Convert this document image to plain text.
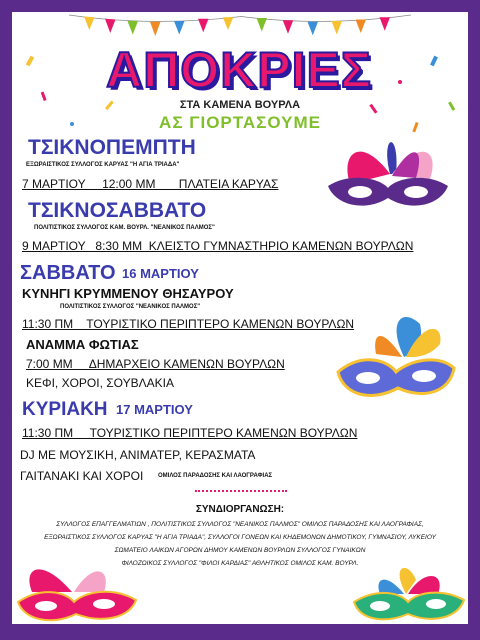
ΑΠΟΚΡΙΕΣ
ΣΤΑ ΚΑΜΕΝΑ ΒΟΥΡΛΑ
ΑΣ ΓΙΟΡΤΑΣΟΥΜΕ
ΤΣΙΚΝΟΠΕΜΠΤΗ
ΕΞΩΡΑΙΣΤΙΚΟΣ ΣΥΛΛΟΓΟΣ ΚΑΡΥΑΣ "Η ΑΓΙΑ ΤΡΙΑΔΑ"
7 ΜΑΡΤΙΟΥ     12:00 ΜΜ       ΠΛΑΤΕΙΑ ΚΑΡΥΑΣ
ΤΣΙΚΝΟΣΑΒΒΑΤΟ
ΠΟΛΙΤΙΣΤΙΚΟΣ ΣΥΛΛΟΓΟΣ ΚΑΜ. ΒΟΥΡΛ. "ΝΕΑΝΙΚΟΣ ΠΑΛΜΟΣ"
9 ΜΑΡΤΙΟΥ   8:30 ΜΜ  ΚΛΕΙΣΤΟ ΓΥΜΝΑΣΤΗΡΙΟ ΚΑΜΕΝΩΝ ΒΟΥΡΛΩΝ
ΣΑΒΒΑΤΟ 16 ΜΑΡΤΙΟΥ
ΚΥΝΗΓΙ ΚΡΥΜΜΕΝΟΥ ΘΗΣΑΥΡΟΥ
ΠΟΛΙΤΙΣΤΙΚΟΣ ΣΥΛΛΟΓΟΣ "ΝΕΑΝΙΚΟΣ ΠΑΛΜΟΣ"
11:30 ΠΜ    ΤΟΥΡΙΣΤΙΚΟ ΠΕΡΙΠΤΕΡΟ ΚΑΜΕΝΩΝ ΒΟΥΡΛΩΝ
ΑΝΑΜΜΑ ΦΩΤΙΑΣ
7:00 ΜΜ     ΔΗΜΑΡΧΕΙΟ ΚΑΜΕΝΩΝ ΒΟΥΡΛΩΝ
ΚΕΦΙ, ΧΟΡΟΙ, ΣΟΥΒΛΑΚΙΑ
ΚΥΡΙΑΚΗ 17 ΜΑΡΤΙΟΥ
11:30 ΠΜ     ΤΟΥΡΙΣΤΙΚΟ ΠΕΡΙΠΤΕΡΟ ΚΑΜΕΝΩΝ ΒΟΥΡΛΩΝ
DJ ΜΕ ΜΟΥΣΙΚΗ, ΑΝΙΜΑΤΕΡ, ΚΕΡΑΣΜΑΤΑ
ΓΑΙΤΑΝΑΚΙ ΚΑΙ ΧΟΡΟΙ ΟΜΙΛΟΣ ΠΑΡΑΔΟΣΗΣ ΚΑΙ ΛΑΟΓΡΑΦΙΑΣ
ΣΥΝΔΙΟΡΓΑΝΩΣΗ:
ΣΥΛΛΟΓΟΣ ΕΠΑΓΓΕΛΜΑΤΙΩΝ , ΠΟΛΙΤΙΣΤΙΚΟΣ ΣΥΛΛΟΓΟΣ "ΝΕΑΝΙΚΟΣ ΠΑΛΜΟΣ" ΟΜΙΛΟΣ ΠΑΡΑΔΟΣΗΣ ΚΑΙ ΛΑΟΓΡΑΦΙΑΣ,
ΕΞΩΡΑΙΣΤΙΚΟΣ ΣΥΛΛΟΓΟΣ ΚΑΡΥΑΣ "Η ΑΓΙΑ ΤΡΙΑΔΑ", ΣΥΛΛΟΓΟΙ ΓΟΝΕΩΝ ΚΑΙ ΚΗΔΕΜΟΝΩΝ ΔΗΜΟΤΙΚΟΥ, ΓΥΜΝΑΣΙΟΥ, ΛΥΚΕΙΟΥ
ΣΩΜΑΤΕΙΟ ΛΑΙΚΩΝ ΑΓΟΡΩΝ ΔΗΜΟΥ ΚΑΜΕΝΩΝ ΒΟΥΡΛΩΝ ΣΥΛΛΟΓΟΣ ΓΥΝΑΙΚΩΝ
ΦΙΛΟΖΩΙΚΟΣ ΣΥΛΛΟΓΟΣ "ΦΙΛΟΙ ΚΑΡΔΙΑΣ" ΑΘΛΗΤΙΚΟΣ ΟΜΙΛΟΣ ΚΑΜ. ΒΟΥΡΛ.
